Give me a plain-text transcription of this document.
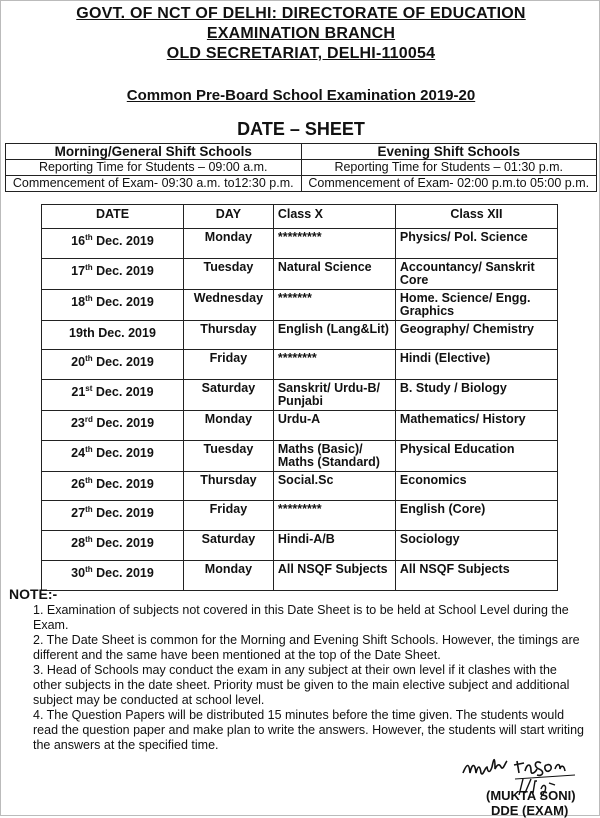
GOVT. OF NCT OF DELHI: DIRECTORATE OF EDUCATION
EXAMINATION BRANCH
OLD SECRETARIAT, DELHI-110054
Common Pre-Board School Examination 2019-20
DATE – SHEET
Morning/General Shift Schools	Evening Shift Schools
Reporting Time for Students – 09:00 a.m.	Reporting Time for Students – 01:30 p.m.
Commencement of Exam- 09:30 a.m. to12:30 p.m.	Commencement of Exam- 02:00 p.m.to 05:00 p.m.
DATE	DAY	Class X	Class XII
16th Dec. 2019	Monday	*********	Physics/ Pol. Science
17th Dec. 2019	Tuesday	Natural Science	Accountancy/ Sanskrit Core
18th Dec. 2019	Wednesday	*******	Home. Science/ Engg. Graphics
19th Dec. 2019	Thursday	English (Lang&Lit)	Geography/ Chemistry
20th Dec. 2019	Friday	********	Hindi (Elective)
21st Dec. 2019	Saturday	Sanskrit/ Urdu-B/ Punjabi	B. Study / Biology
23rd Dec. 2019	Monday	Urdu-A	Mathematics/ History
24th Dec. 2019	Tuesday	Maths (Basic)/ Maths (Standard)	Physical Education
26th Dec. 2019	Thursday	Social.Sc	Economics
27th Dec. 2019	Friday	*********	English (Core)
28th Dec. 2019	Saturday	Hindi-A/B	Sociology
30th Dec. 2019	Monday	All NSQF Subjects	All NSQF Subjects
NOTE:-

1. Examination of subjects not covered in this Date Sheet is to be held at School Level during the Exam.

2. The Date Sheet is common for the Morning and Evening Shift Schools. However, the timings are different and the same have been mentioned at the top of the Date Sheet.

3. Head of Schools may conduct the exam in any subject at their own level if it clashes with the other subjects in the date sheet. Priority must be given to the main elective subject and additional subject may be conducted at school level.

4. The Question Papers will be distributed 15 minutes before the time given. The students would read the question paper and make plan to write the answers. However, the students will start writing the answers at the specified time.

(MUKTA SONI)
DDE (EXAM)
